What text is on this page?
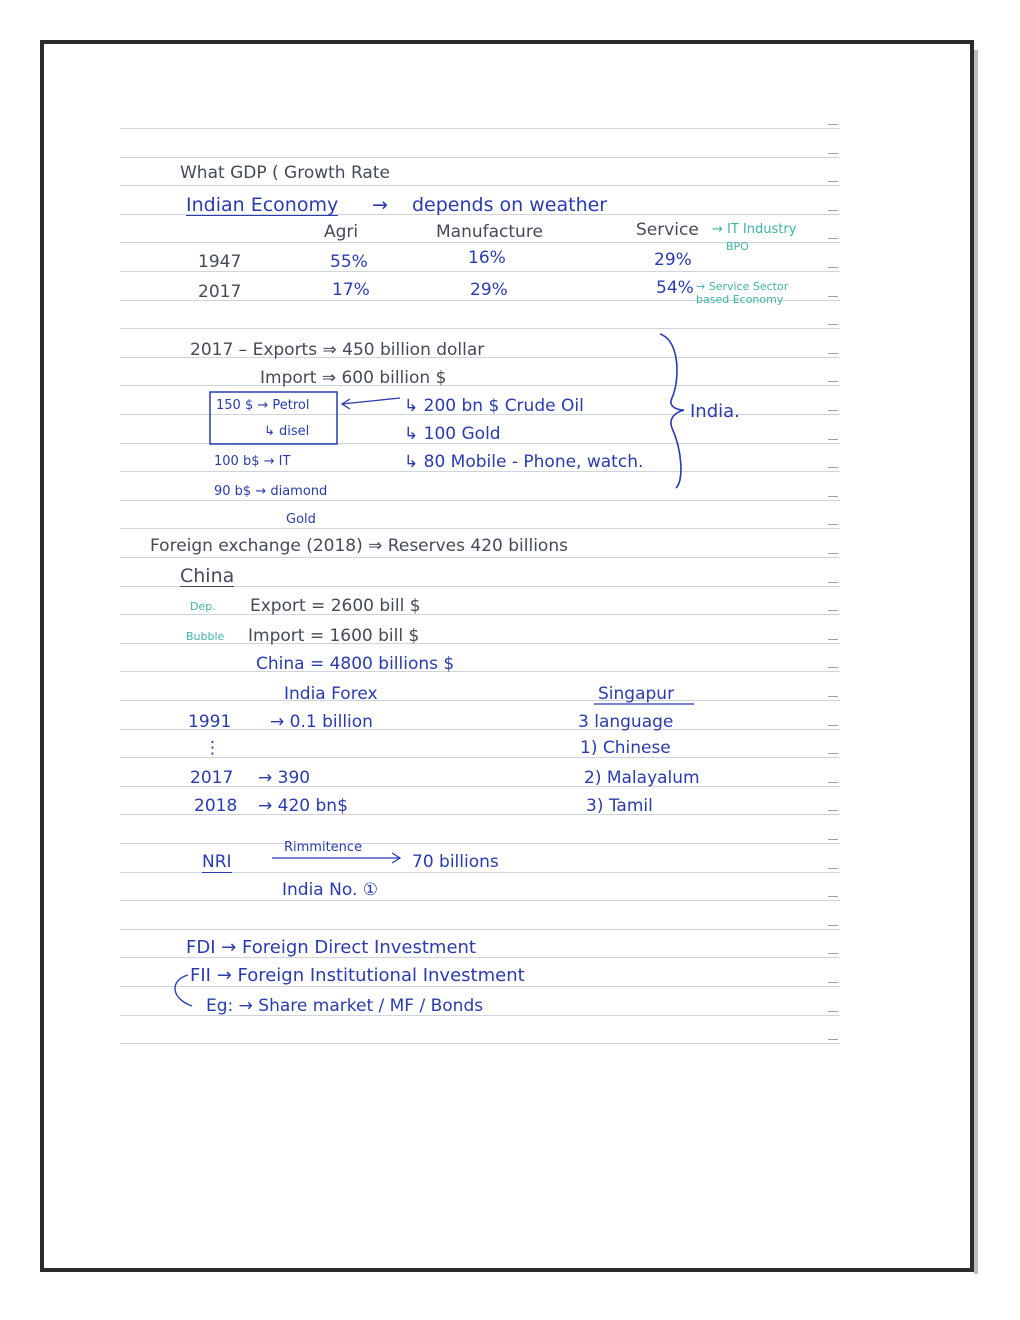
What GDP ( Growth Rate
Indian Economy → depends on weather
Agri	Manufacture	Service → IT Industry
BPO
1947	55%	16%	29%
2017	17%	29%	54% → Service Sector based Economy
2017 – Exports ⇒ 450 billion dollar
Import ⇒ 600 billion $
↳ 200 bn $ Crude Oil
↳ 100 Gold
↳ 80 Mobile - Phone, watch.
150 $ → Petrol
↳ disel
100 b$ → IT
90 b$ → diamond
Gold
India.
Foreign exchange (2018) ⇒ Reserves 420 billions
China
Dep. Export = 2600 bill $
Bubble Import = 1600 bill $
China = 4800 billions $
India Forex
1991 → 0.1 billion
⋮
2017 → 390
2018 → 420 bn$
Singapur
3 language
1) Chinese
2) Malayalum
3) Tamil
NRI
Rimmitence
70 billions
India No. ①
FDI → Foreign Direct Investment
FII → Foreign Institutional Investment
Eg: → Share market / MF / Bonds
